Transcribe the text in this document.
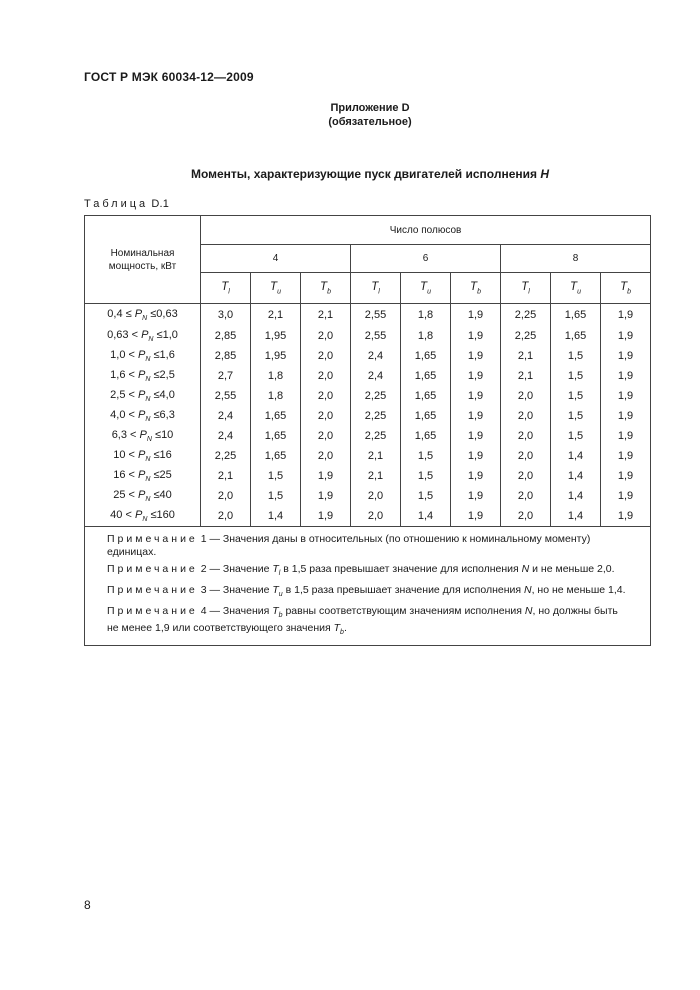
ГОСТ Р МЭК 60034-12—2009
Приложение D
(обязательное)
Моменты, характеризующие пуск двигателей исполнения H
Таблица D.1
Номинальная мощность, кВт	Число полюсов								
	4			6			8		
	$T_l$	$T_u$	$T_b$	$T_l$	$T_u$	$T_b$	$T_l$	$T_u$	$T_b$
$0,4 \le P_N \le 0,63$	3,0	2,1	2,1	2,55	1,8	1,9	2,25	1,65	1,9
$0,63 < P_N \le 1,0$	2,85	1,95	2,0	2,55	1,8	1,9	2,25	1,65	1,9
$1,0 < P_N \le 1,6$	2,85	1,95	2,0	2,4	1,65	1,9	2,1	1,5	1,9
$1,6 < P_N \le 2,5$	2,7	1,8	2,0	2,4	1,65	1,9	2,1	1,5	1,9
$2,5 < P_N \le 4,0$	2,55	1,8	2,0	2,25	1,65	1,9	2,0	1,5	1,9
$4,0 < P_N \le 6,3$	2,4	1,65	2,0	2,25	1,65	1,9	2,0	1,5	1,9
$6,3 < P_N \le 10$	2,4	1,65	2,0	2,25	1,65	1,9	2,0	1,5	1,9
$10 < P_N \le 16$	2,25	1,65	2,0	2,1	1,5	1,9	2,0	1,4	1,9
$16 < P_N \le 25$	2,1	1,5	1,9	2,1	1,5	1,9	2,0	1,4	1,9
$25 < P_N \le 40$	2,0	1,5	1,9	2,0	1,5	1,9	2,0	1,4	1,9
$40 < P_N \le 160$	2,0	1,4	1,9	2,0	1,4	1,9	2,0	1,4	1,9

Примечание 1 — Значения даны в относительных (по отношению к номинальному моменту) единицах.
Примечание 2 — Значение $T_l$ в 1,5 раза превышает значение для исполнения N и не меньше 2,0.
Примечание 3 — Значение $T_u$ в 1,5 раза превышает значение для исполнения N, но не меньше 1,4.
Примечание 4 — Значения $T_b$ равны соответствующим значениям исполнения N, но должны быть не менее 1,9 или соответствующего значения $T_b$.									
8
